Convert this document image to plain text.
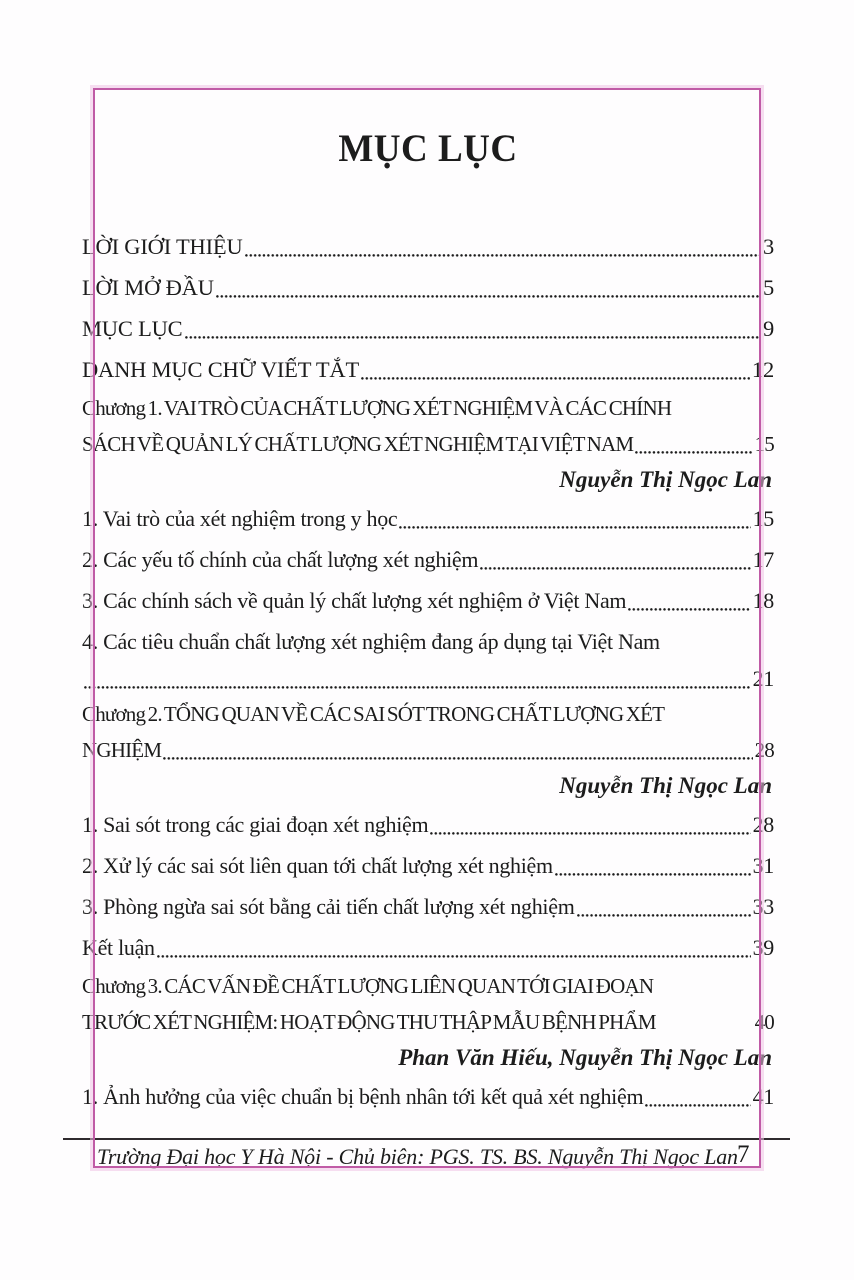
MỤC LỤC
LỜI GIỚI THIỆU	3
LỜI MỞ ĐẦU	5
MỤC LỤC	9
DANH MỤC CHỮ VIẾT TẮT	12
Chương 1. VAI TRÒ CỦA CHẤT LƯỢNG XÉT NGHIỆM VÀ CÁC CHÍNH
SÁCH VỀ QUẢN LÝ CHẤT LƯỢNG XÉT NGHIỆM TẠI VIỆT NAM	15
Nguyễn Thị Ngọc Lan
1. Vai trò của xét nghiệm trong y học	15
2. Các yếu tố chính của chất lượng xét nghiệm	17
3. Các chính sách về quản lý chất lượng xét nghiệm ở Việt Nam	18
4. Các tiêu chuẩn chất lượng xét nghiệm đang áp dụng tại Việt Nam
21
Chương 2. TỔNG QUAN VỀ CÁC SAI SÓT TRONG CHẤT LƯỢNG XÉT
NGHIỆM	28
Nguyễn Thị Ngọc Lan
1. Sai sót trong các giai đoạn xét nghiệm	28
2. Xử lý các sai sót liên quan tới chất lượng xét nghiệm	31
3. Phòng ngừa sai sót bằng cải tiến chất lượng xét nghiệm	33
Kết luận	39
Chương 3. CÁC VẤN ĐỀ CHẤT LƯỢNG LIÊN QUAN TỚI GIAI ĐOẠN
TRƯỚC XÉT NGHIỆM: HOẠT ĐỘNG THU THẬP MẪU BỆNH PHẨM	40
Phan Văn Hiếu, Nguyễn Thị Ngọc Lan
1. Ảnh hưởng của việc chuẩn bị bệnh nhân tới kết quả xét nghiệm	41
Trường Đại học Y Hà Nội - Chủ biên: PGS. TS. BS. Nguyễn Thị Ngọc Lan 7
